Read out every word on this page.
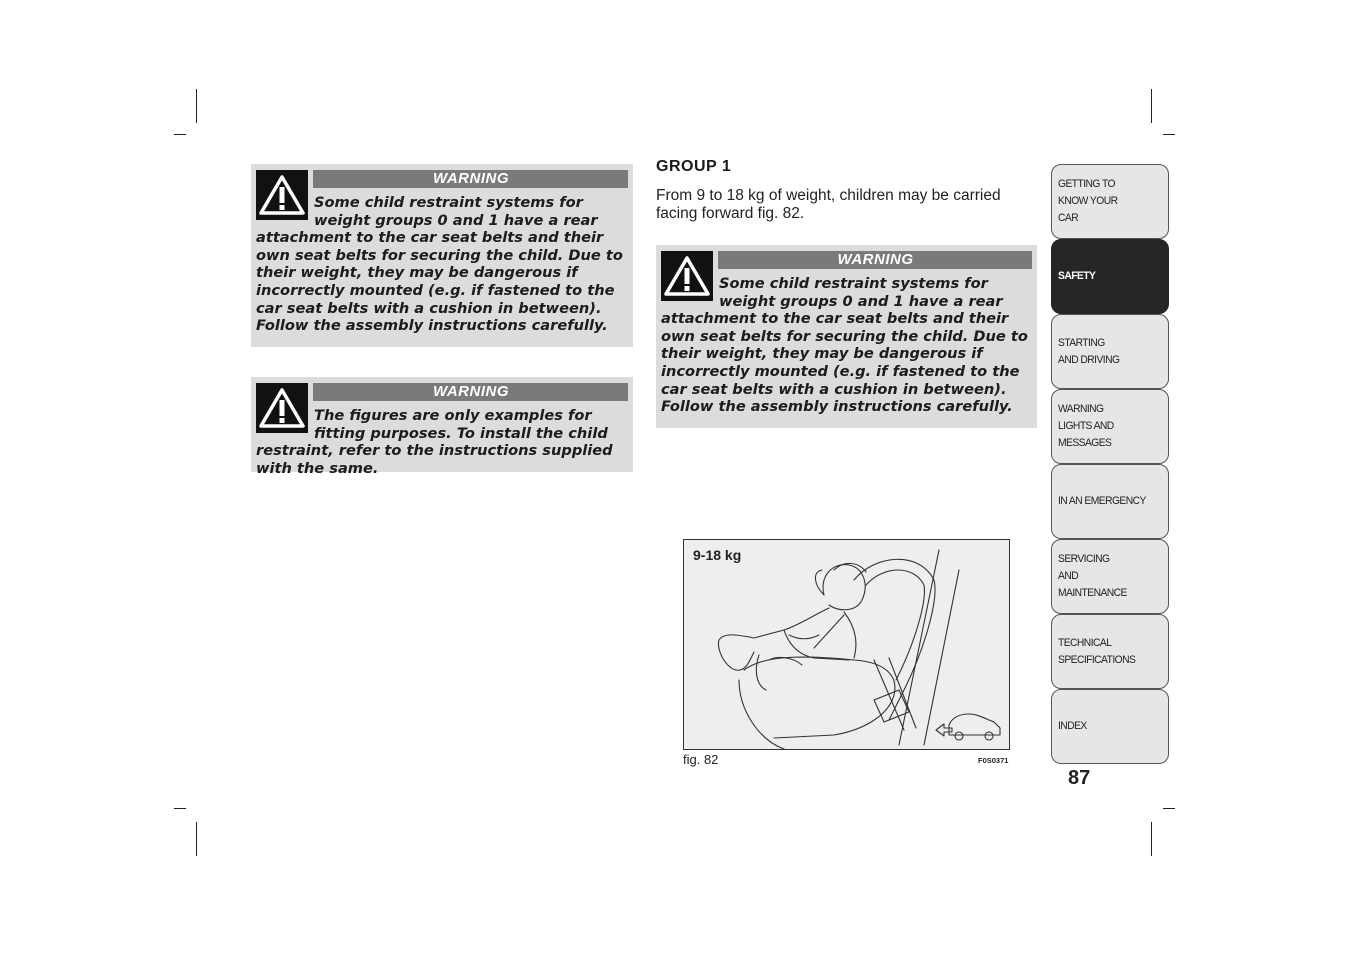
WARNING
Some child restraint systems for weight groups 0 and 1 have a rear attachment to the car seat belts and their own seat belts for securing the child. Due to their weight, they may be dangerous if incorrectly mounted (e.g. if fastened to the car seat belts with a cushion in between). Follow the assembly instructions carefully.
WARNING
The figures are only examples for fitting purposes. To install the child restraint, refer to the instructions supplied with the same.
GROUP 1

From 9 to 18 kg of weight, children may be carried facing forward fig. 82.

WARNING
Some child restraint systems for weight groups 0 and 1 have a rear attachment to the car seat belts and their own seat belts for securing the child. Due to their weight, they may be dangerous if incorrectly mounted (e.g. if fastened to the car seat belts with a cushion in between). Follow the assembly instructions carefully.
9-18 kg
fig. 82	F0S0371
GETTING TO KNOW YOUR CAR
SAFETY
STARTING AND DRIVING
WARNING LIGHTS AND MESSAGES
IN AN EMERGENCY
SERVICING AND MAINTENANCE
TECHNICAL SPECIFICATIONS
INDEX
87
